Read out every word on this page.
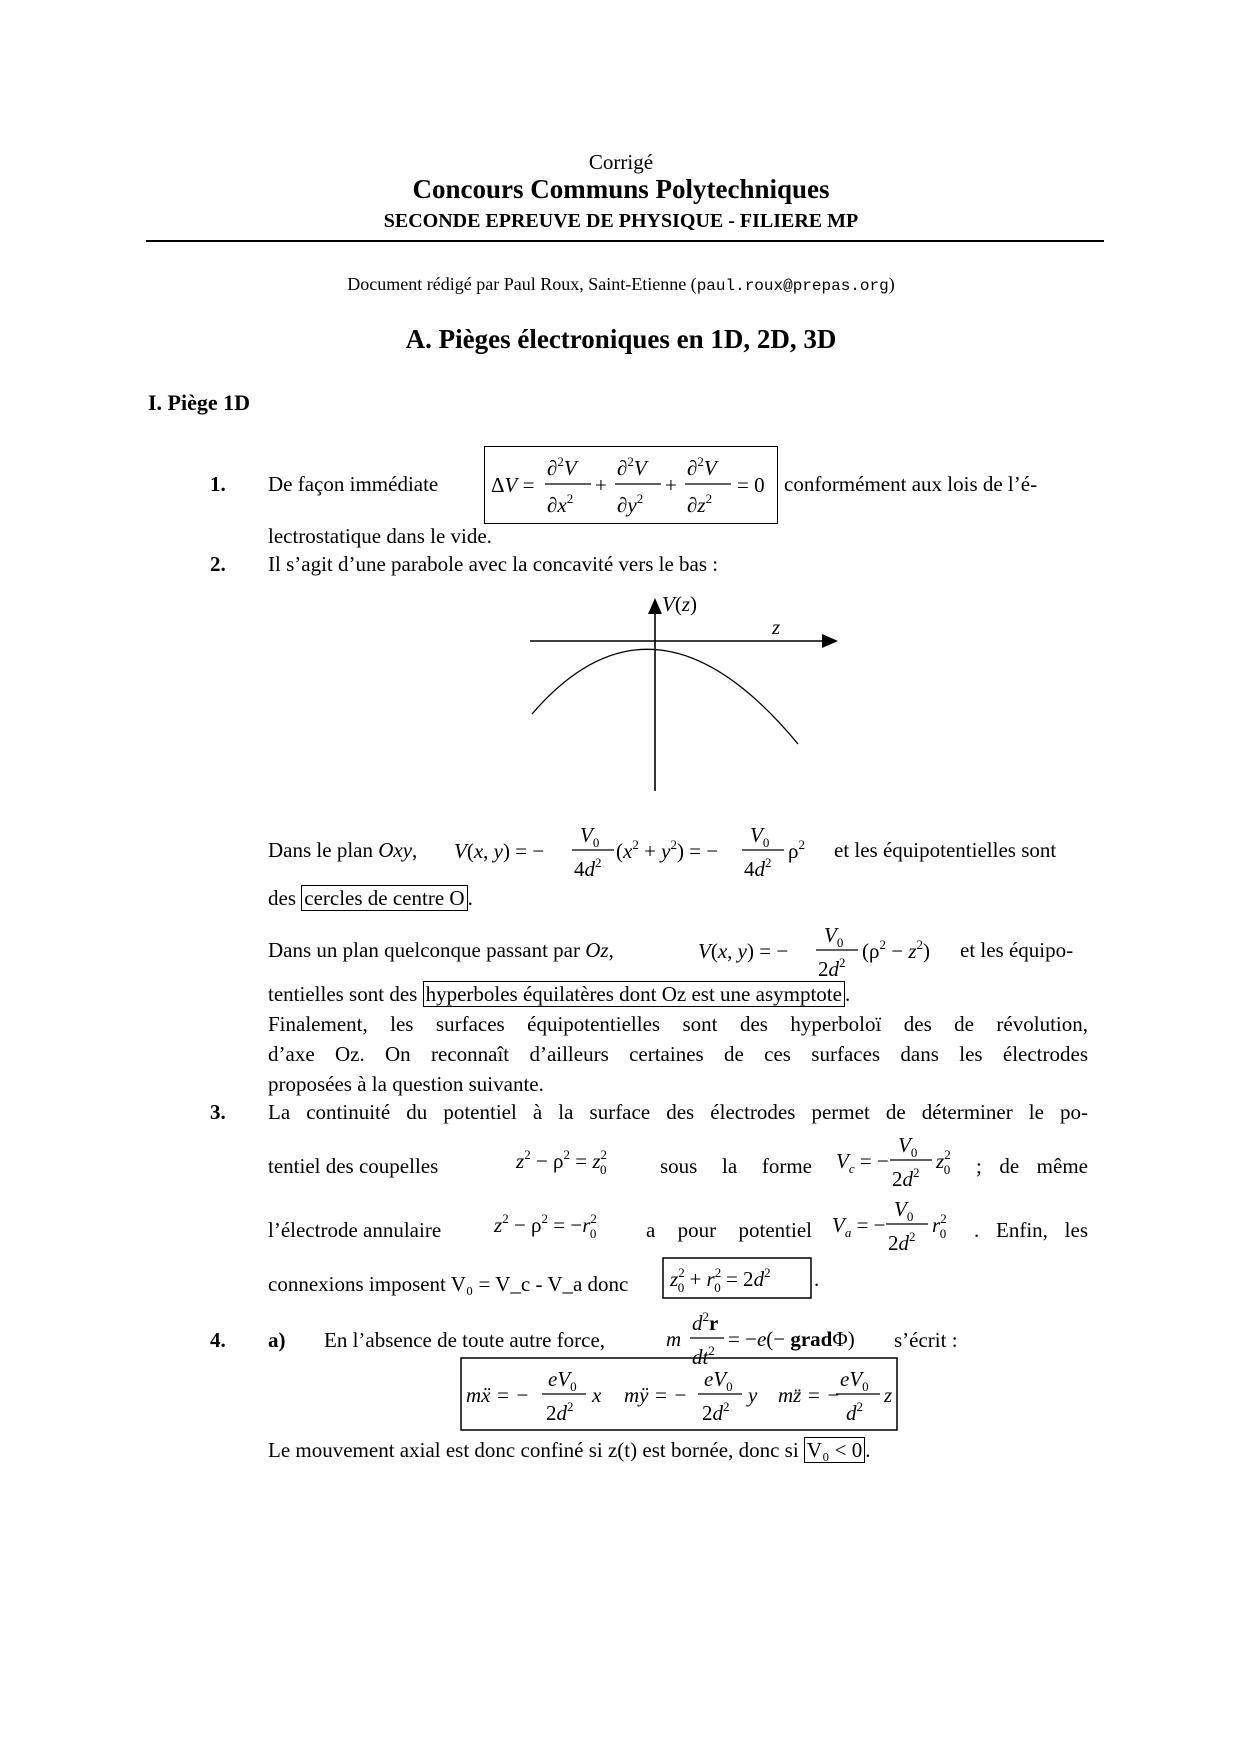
Corrigé
Concours Communs Polytechniques
SECONDE EPREUVE DE PHYSIQUE - FILIERE MP
Document rédigé par Paul Roux, Saint-Etienne (paul.roux@prepas.org)
A. Pièges électroniques en 1D, 2D, 3D
I. Piège 1D
1. De façon immédiate	ΔV =
∂$^2$V
$\partial x^2$
+
∂$^2$V
$\partial y^2$
+
∂$^2$V
$\partial z^2$
= 0 conformément aux lois de l’é-
lectrostatique dans le vide.
2. Il s’agit d’une parabole avec la concavité vers le bas :
V(z)
z
Dans le plan Oxy, V(x, y) = −
$V_0$
$4d^2$ $(x^2 + y^2)$ = −
$V_0$
$4d^2$ $\rho^2$ et les équipotentielles sont
des cercles de centre O .
Dans un plan quelconque passant par Oz,	V(x, y) = −
$V_0$
$2d^2$ $(\rho^2 - z^2)$ et les équipo-
tentielles sont des hyperboles équilatères dont Oz est une asymptote .
Finalement, les surfaces équipotentielles sont des hyperboloï des de révolution,
d’axe Oz. On reconnaît d’ailleurs certaines de ces surfaces dans les électrodes
proposées à la question suivante.
3. La continuité du potentiel à la surface des électrodes permet de déterminer le po-
tentiel des coupelles	$z^2 - \rho^2 = z^2$ 0	sous la forme $V_c$ = −
$V_0$
$2d^2$ $z^2$ 0 ; de même
l’électrode annulaire	$z^2 - \rho^2 = -r^2$ 0 a pour potentiel $V_a$ = −
$V_0$
$2d^2$ $r^2$ 0 . Enfin, les
connexions imposent V₀ = V_c - V_a donc $z^2$ $0 + r^2$ $0 = 2d^2$ .
4. a) En l’absence de toute autre force,	m
$d^2r$
$dt^2 = -e(-$ gradΦ) s’écrit :
mẍ = −
$eV_0$
$2d^2$ x mÿ = −
$eV_0$
$2d^2$ y mz̈ = −
$eV_0$
$d^2$ z
Le mouvement axial est donc confiné si z(t) est bornée, donc si V₀ < 0 .
